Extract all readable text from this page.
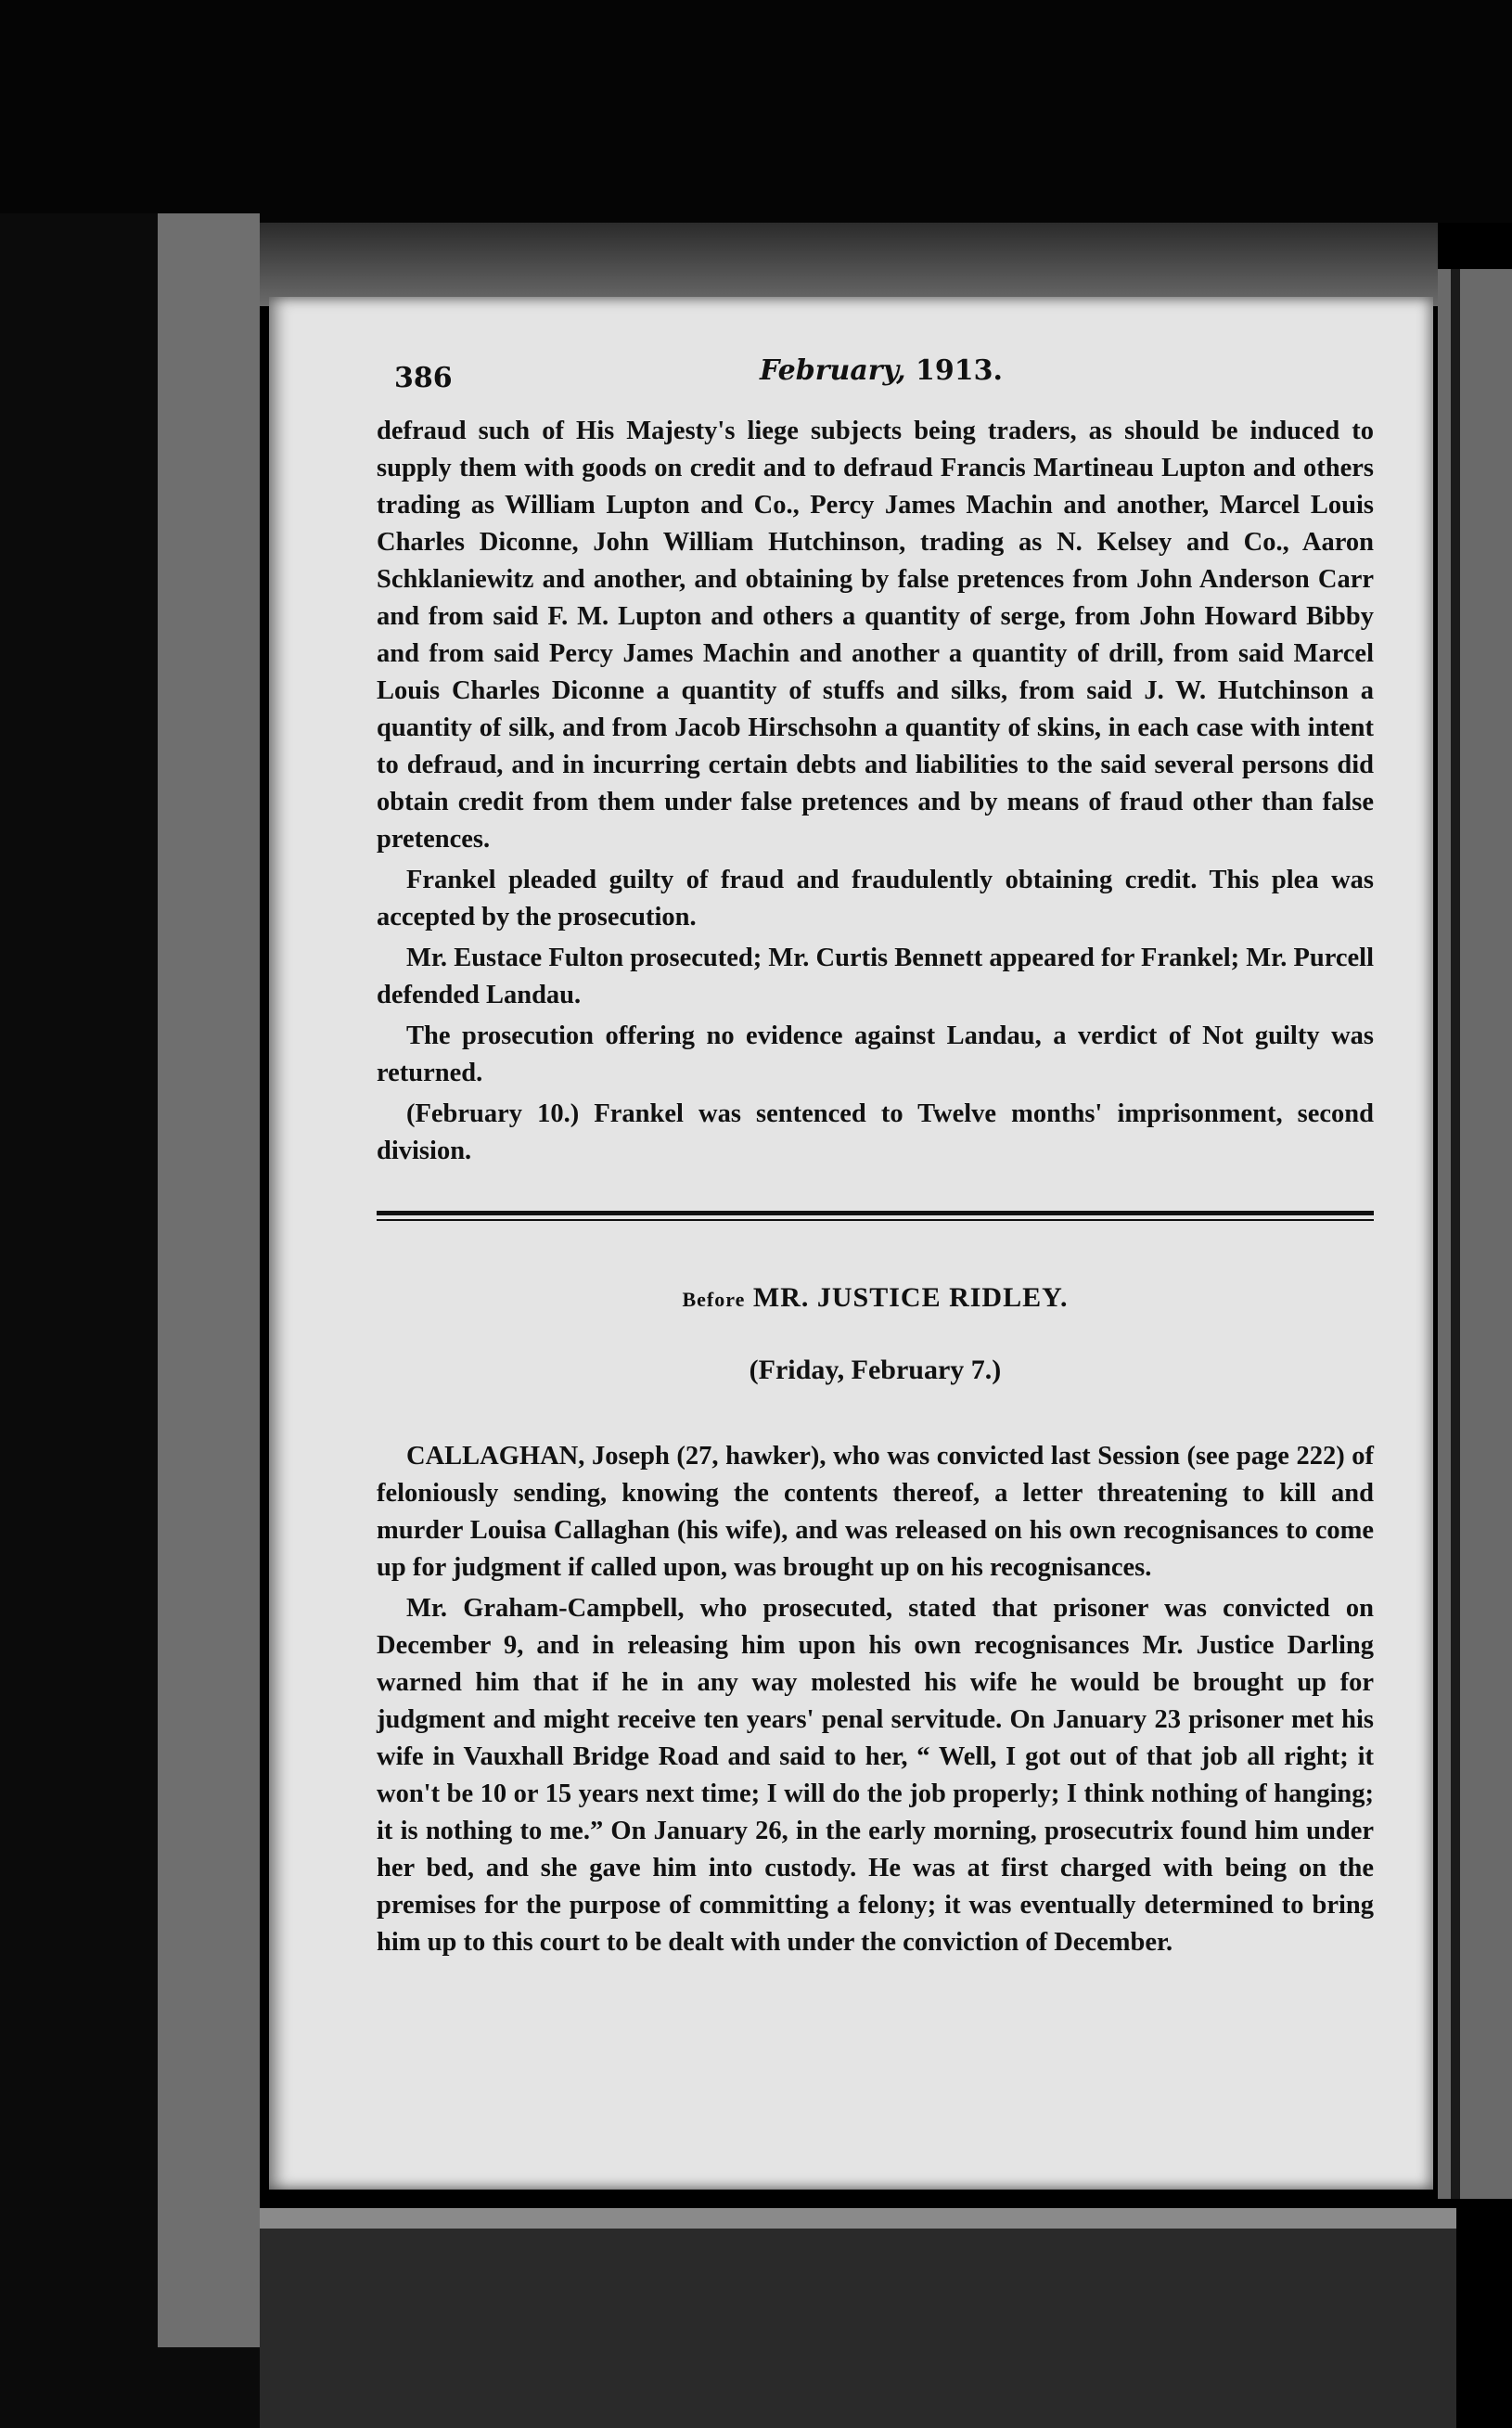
386	February, 1913.

defraud such of His Majesty's liege subjects being traders, as should be induced to supply them with goods on credit and to defraud Francis Martineau Lupton and others trading as William Lupton and Co., Percy James Machin and another, Marcel Louis Charles Diconne, John William Hutchinson, trading as N. Kelsey and Co., Aaron Schklaniewitz and another, and obtaining by false pretences from John Anderson Carr and from said F. M. Lupton and others a quantity of serge, from John Howard Bibby and from said Percy James Machin and another a quantity of drill, from said Marcel Louis Charles Diconne a quantity of stuffs and silks, from said J. W. Hutchinson a quantity of silk, and from Jacob Hirschsohn a quantity of skins, in each case with intent to defraud, and in incurring certain debts and liabilities to the said several persons did obtain credit from them under false pretences and by means of fraud other than false pretences.

Frankel pleaded guilty of fraud and fraudulently obtaining credit. This plea was accepted by the prosecution.

Mr. Eustace Fulton prosecuted; Mr. Curtis Bennett appeared for Frankel; Mr. Purcell defended Landau.

The prosecution offering no evidence against Landau, a verdict of Not guilty was returned.

(February 10.) Frankel was sentenced to Twelve months' imprisonment, second division.

Before MR. JUSTICE RIDLEY.
(Friday, February 7.)

CALLAGHAN, Joseph (27, hawker), who was convicted last Session (see page 222) of feloniously sending, knowing the contents thereof, a letter threatening to kill and murder Louisa Callaghan (his wife), and was released on his own recognisances to come up for judgment if called upon, was brought up on his recognisances.

Mr. Graham-Campbell, who prosecuted, stated that prisoner was convicted on December 9, and in releasing him upon his own recognisances Mr. Justice Darling warned him that if he in any way molested his wife he would be brought up for judgment and might receive ten years' penal servitude. On January 23 prisoner met his wife in Vauxhall Bridge Road and said to her, “ Well, I got out of that job all right; it won't be 10 or 15 years next time; I will do the job properly; I think nothing of hanging; it is nothing to me.” On January 26, in the early morning, prosecutrix found him under her bed, and she gave him into custody. He was at first charged with being on the premises for the purpose of committing a felony; it was eventually determined to bring him up to this court to be dealt with under the conviction of December.
